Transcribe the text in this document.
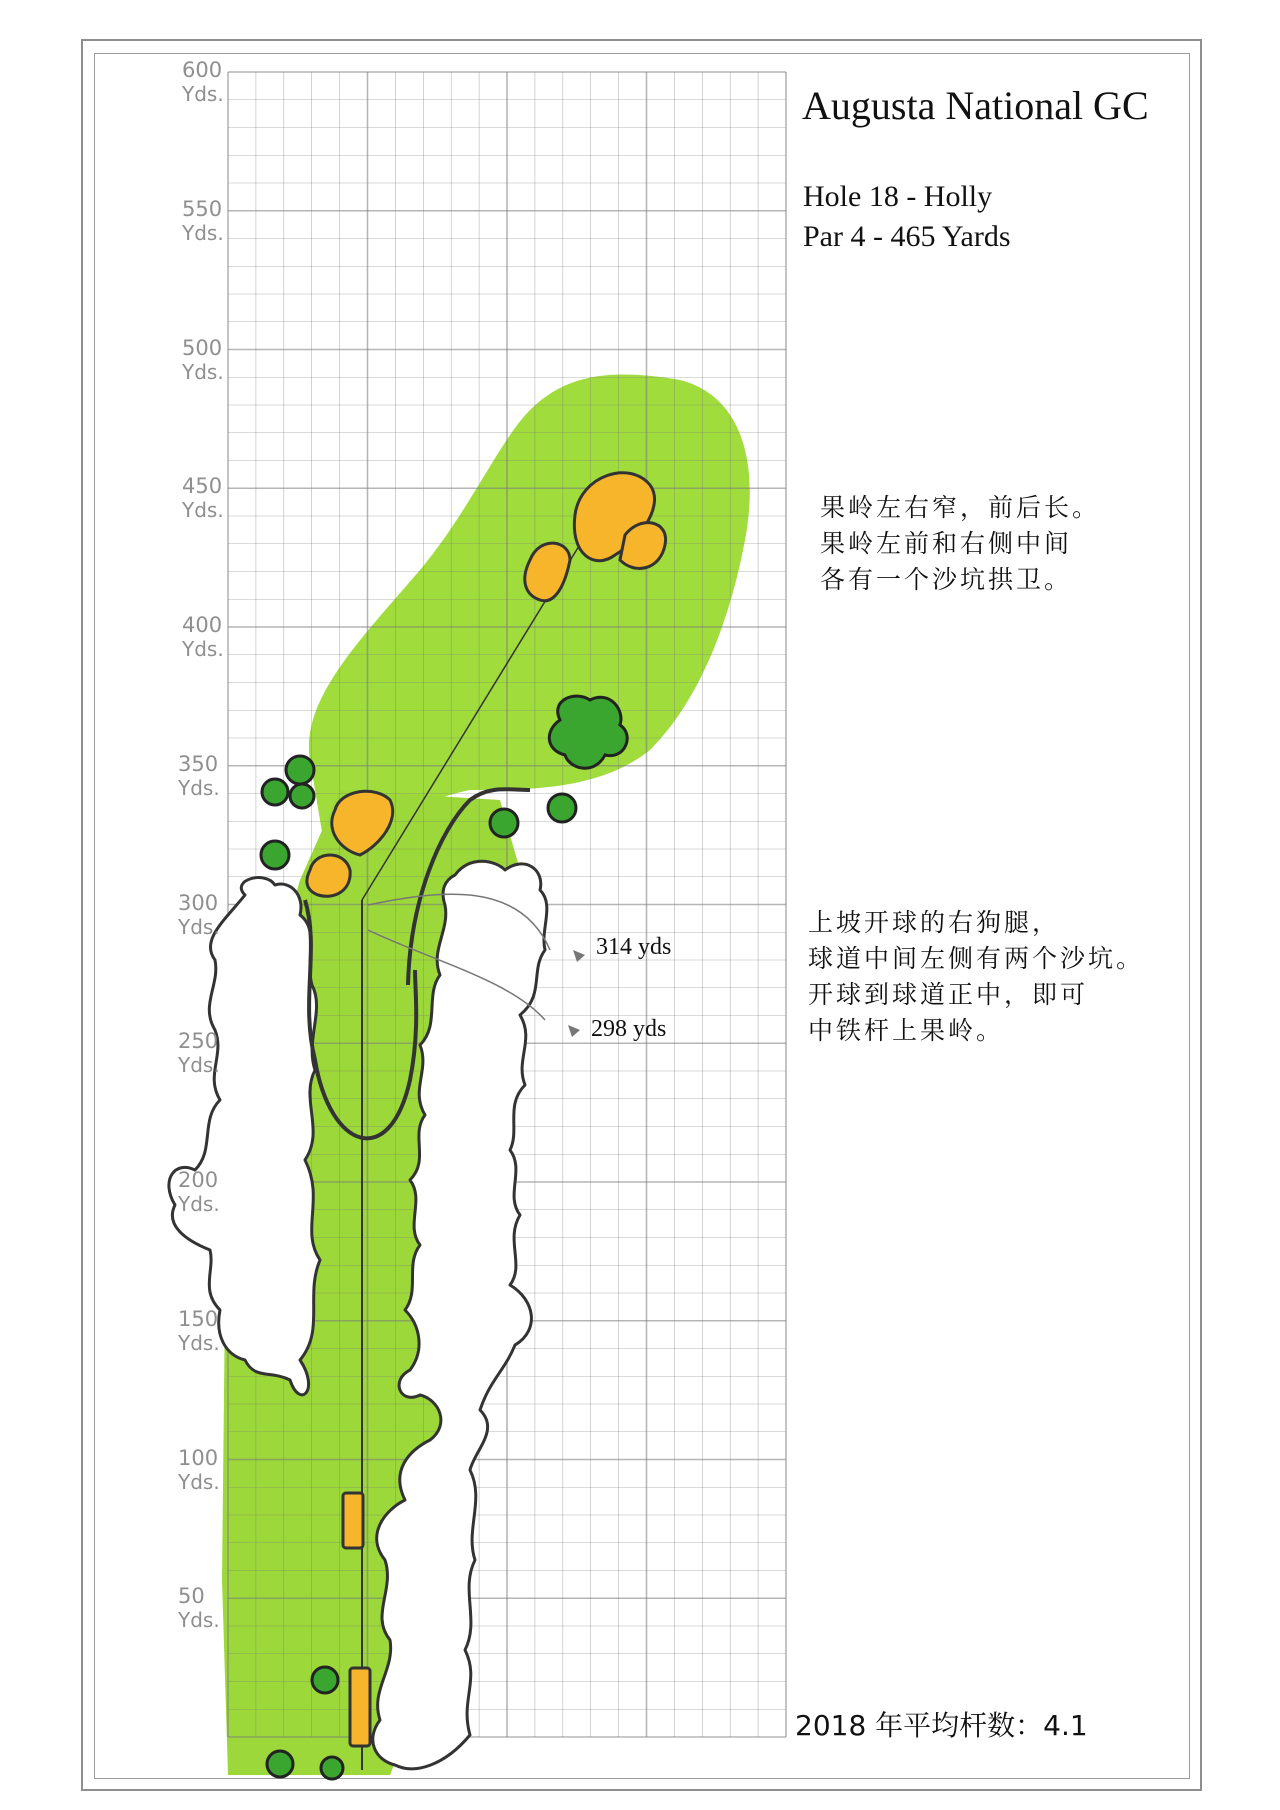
600
Yds.
550
Yds.
500
Yds.
450
Yds.
400
Yds.
350
Yds.
300
Yds.
250
Yds.
200
Yds.
150
Yds.
100
Yds.
50
Yds.
Augusta National GC
Hole 18 - Holly
Par 4 - 465 Yards
果岭左右窄，前后长。
果岭左前和右侧中间
各有一个沙坑拱卫。
上坡开球的右狗腿，
球道中间左侧有两个沙坑。
开球到球道正中，即可
中铁杆上果岭。
314 yds
298 yds
2018 年平均杆数：4.1
